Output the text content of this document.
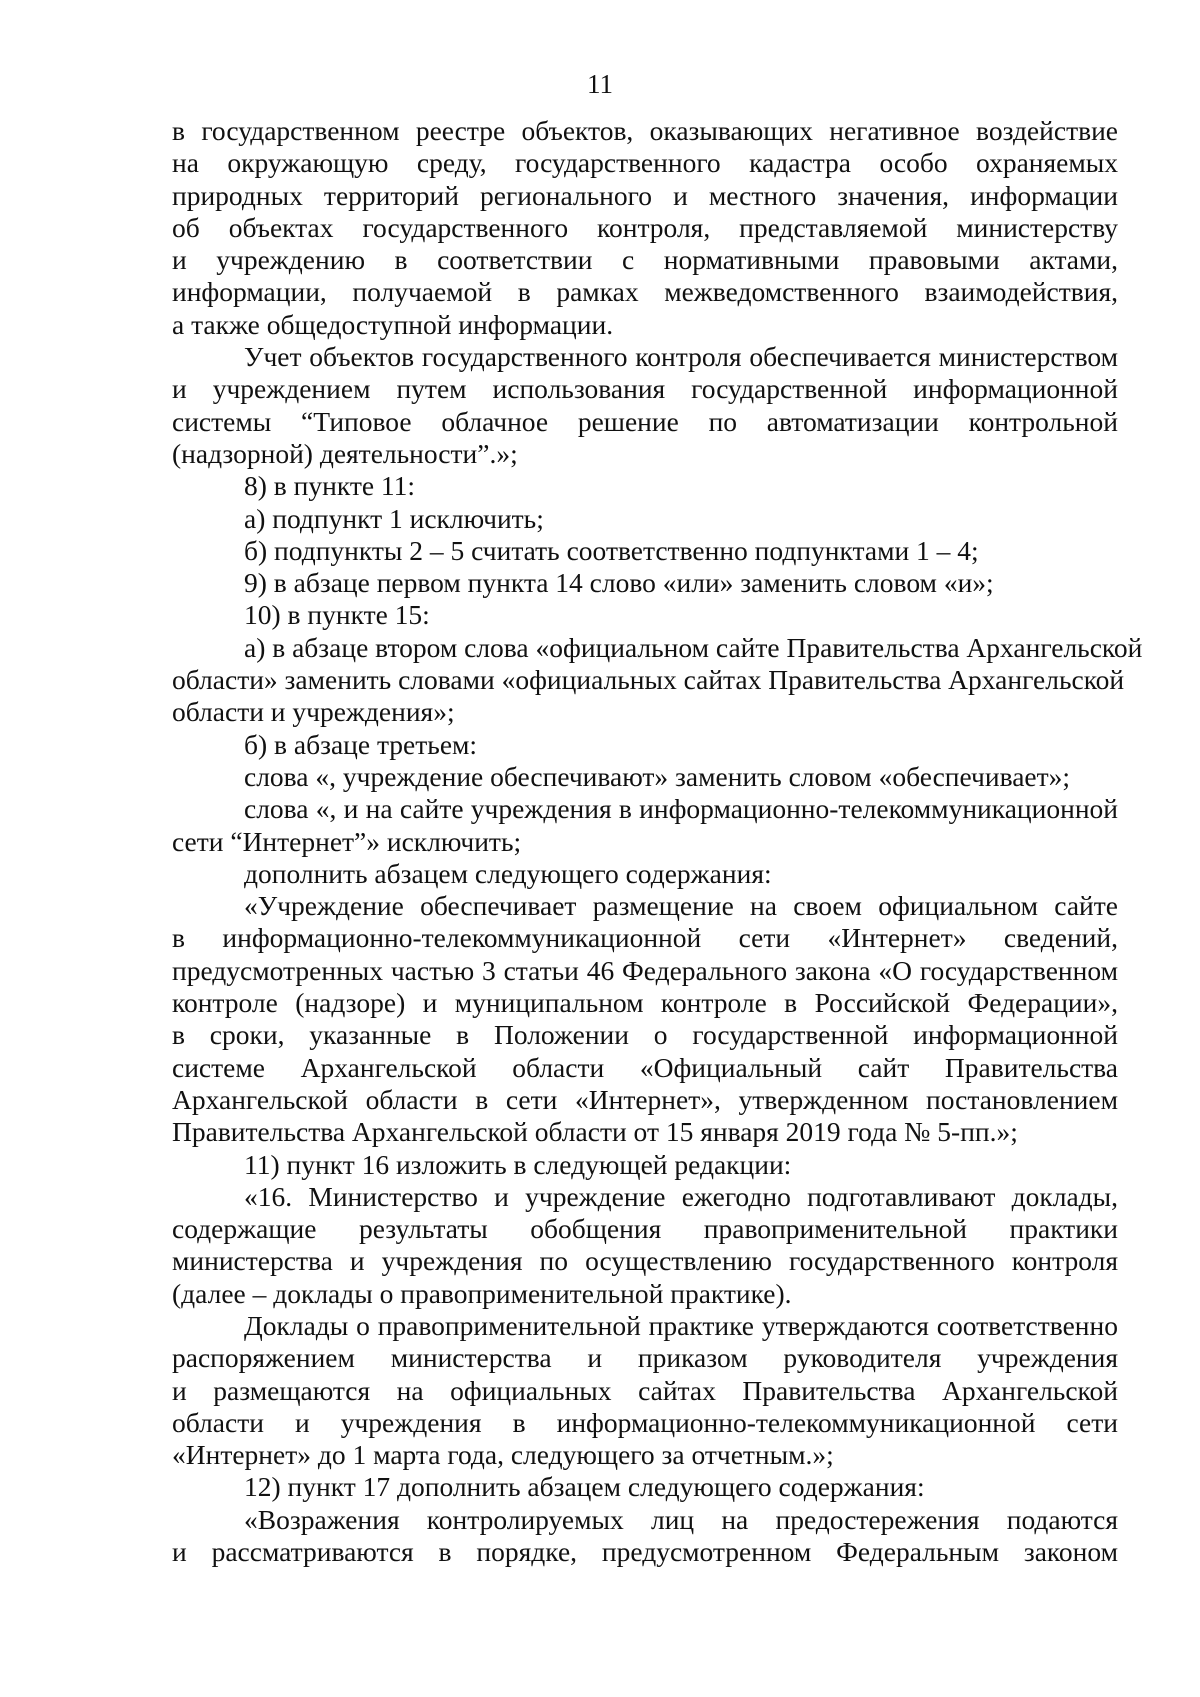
11
в государственном реестре объектов, оказывающих негативное воздействие
на окружающую среду, государственного кадастра особо охраняемых
природных территорий регионального и местного значения, информации
об объектах государственного контроля, представляемой министерству
и учреждению в соответствии с нормативными правовыми актами,
информации, получаемой в рамках межведомственного взаимодействия,
а также общедоступной информации.
Учет объектов государственного контроля обеспечивается министерством
и учреждением путем использования государственной информационной
системы “Типовое облачное решение по автоматизации контрольной
(надзорной) деятельности”.»;
8) в пункте 11:
а) подпункт 1 исключить;
б) подпункты 2 – 5 считать соответственно подпунктами 1 – 4;
9) в абзаце первом пункта 14 слово «или» заменить словом «и»;
10) в пункте 15:
а) в абзаце втором слова «официальном сайте Правительства Архангельской
области» заменить словами «официальных сайтах Правительства Архангельской
области и учреждения»;
б) в абзаце третьем:
слова «, учреждение обеспечивают» заменить словом «обеспечивает»;
слова «, и на сайте учреждения в информационно-телекоммуникационной
сети “Интернет”» исключить;
дополнить абзацем следующего содержания:
«Учреждение обеспечивает размещение на своем официальном сайте
в информационно-телекоммуникационной сети «Интернет» сведений,
предусмотренных частью 3 статьи 46 Федерального закона «О государственном
контроле (надзоре) и муниципальном контроле в Российской Федерации»,
в сроки, указанные в Положении о государственной информационной
системе Архангельской области «Официальный сайт Правительства
Архангельской области в сети «Интернет», утвержденном постановлением
Правительства Архангельской области от 15 января 2019 года № 5-пп.»;
11) пункт 16 изложить в следующей редакции:
«16. Министерство и учреждение ежегодно подготавливают доклады,
содержащие результаты обобщения правоприменительной практики
министерства и учреждения по осуществлению государственного контроля
(далее – доклады о правоприменительной практике).
Доклады о правоприменительной практике утверждаются соответственно
распоряжением министерства и приказом руководителя учреждения
и размещаются на официальных сайтах Правительства Архангельской
области и учреждения в информационно-телекоммуникационной сети
«Интернет» до 1 марта года, следующего за отчетным.»;
12) пункт 17 дополнить абзацем следующего содержания:
«Возражения контролируемых лиц на предостережения подаются
и рассматриваются в порядке, предусмотренном Федеральным законом
